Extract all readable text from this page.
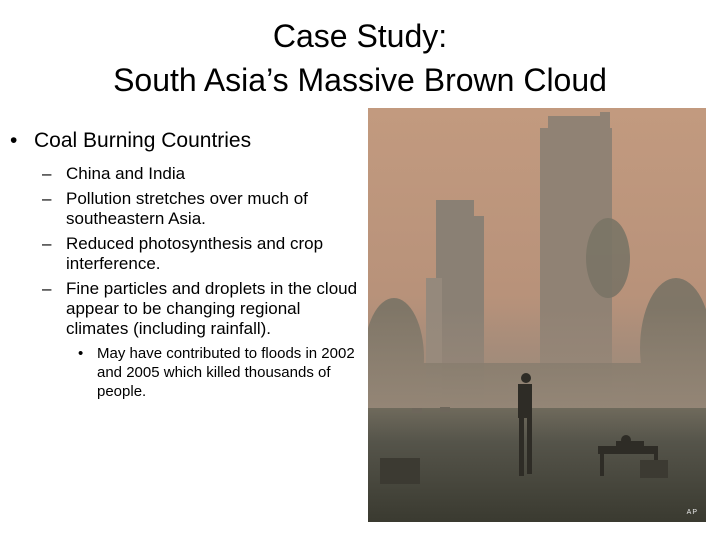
Case Study:
South Asia’s Massive Brown Cloud
• Coal Burning Countries
– China and India
– Pollution stretches over much of southeastern Asia.
– Reduced photosynthesis and crop interference.
– Fine particles and droplets in the cloud appear to be changing regional climates (including rainfall).
• May have contributed to floods in 2002 and 2005 which killed thousands of people.
AP
